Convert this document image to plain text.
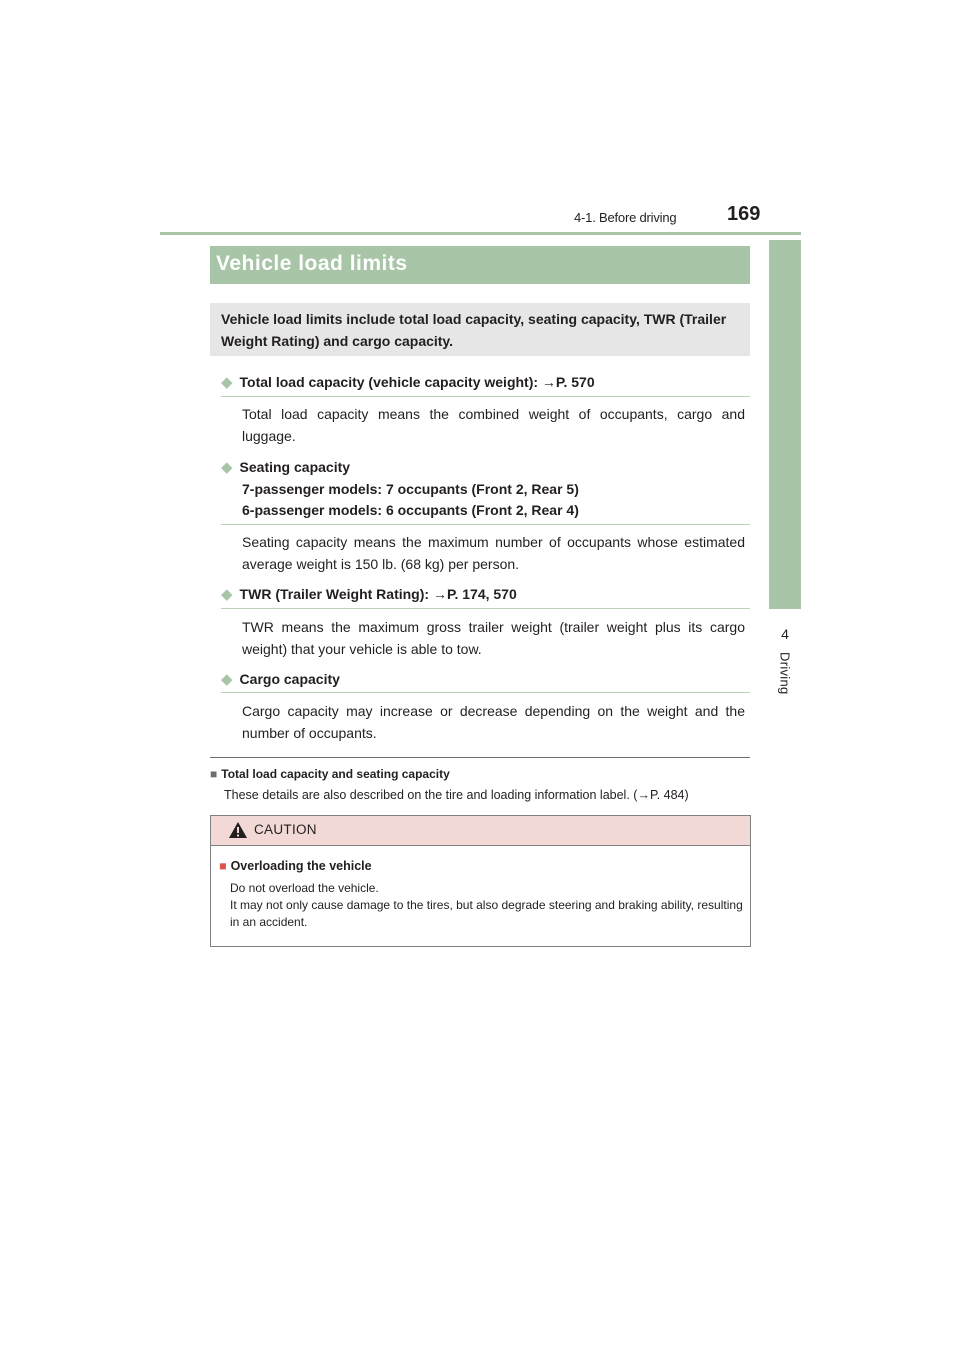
4-1. Before driving	169
4
Driving
Vehicle load limits
Vehicle load limits include total load capacity, seating capacity, TWR (Trailer Weight Rating) and cargo capacity.
◆ Total load capacity (vehicle capacity weight): →P. 570
Total load capacity means the combined weight of occupants, cargo and luggage.
◆ Seating capacity
7-passenger models: 7 occupants (Front 2, Rear 5)
6-passenger models: 6 occupants (Front 2, Rear 4)
Seating capacity means the maximum number of occupants whose estimated average weight is 150 lb. (68 kg) per person.
◆ TWR (Trailer Weight Rating): →P. 174, 570
TWR means the maximum gross trailer weight (trailer weight plus its cargo weight) that your vehicle is able to tow.
◆ Cargo capacity
Cargo capacity may increase or decrease depending on the weight and the number of occupants.
■ Total load capacity and seating capacity
These details are also described on the tire and loading information label. (→P. 484)
CAUTION
■ Overloading the vehicle
Do not overload the vehicle.
It may not only cause damage to the tires, but also degrade steering and braking ability, resulting in an accident.
